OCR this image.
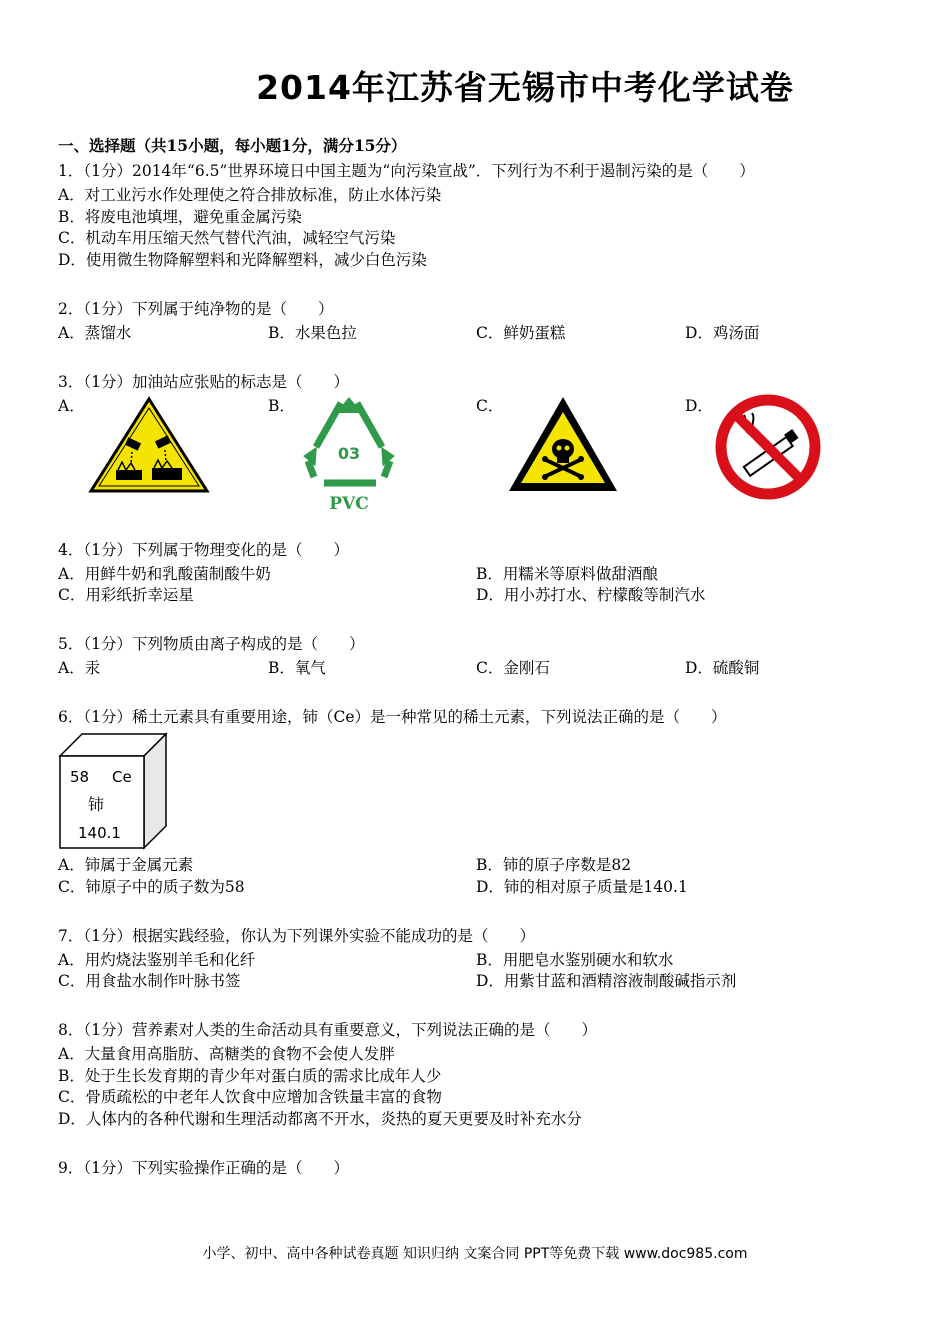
2014年江苏省无锡市中考化学试卷
一、选择题（共15小题，每小题1分，满分15分）
1．（1分）2014年“6.5”世界环境日中国主题为“向污染宣战”．下列行为不利于遏制污染的是（　　）
A．对工业污水作处理使之符合排放标准，防止水体污染
B．将废电池填埋，避免重金属污染
C．机动车用压缩天然气替代汽油，减轻空气污染
D．使用微生物降解塑料和光降解塑料，减少白色污染
2．（1分）下列属于纯净物的是（　　）
A．蒸馏水	B．水果色拉	C．鲜奶蛋糕	D．鸡汤面
3．（1分）加油站应张贴的标志是（　　）
A．	B．	C．	D．
03
PVC
4．（1分）下列属于物理变化的是（　　）
A．用鲜牛奶和乳酸菌制酸牛奶	B．用糯米等原料做甜酒酿
C．用彩纸折幸运星	D．用小苏打水、柠檬酸等制汽水
5．（1分）下列物质由离子构成的是（　　）
A．汞	B．氧气	C．金刚石	D．硫酸铜
6．（1分）稀土元素具有重要用途，铈（Ce）是一种常见的稀土元素，下列说法正确的是（　　）
58 Ce
铈
140.1
A．铈属于金属元素	B．铈的原子序数是82
C．铈原子中的质子数为58	D．铈的相对原子质量是140.1
7．（1分）根据实践经验，你认为下列课外实验不能成功的是（　　）
A．用灼烧法鉴别羊毛和化纤	B．用肥皂水鉴别硬水和软水
C．用食盐水制作叶脉书签	D．用紫甘蓝和酒精溶液制酸碱指示剂
8．（1分）营养素对人类的生命活动具有重要意义，下列说法正确的是（　　）
A．大量食用高脂肪、高糖类的食物不会使人发胖
B．处于生长发育期的青少年对蛋白质的需求比成年人少
C．骨质疏松的中老年人饮食中应增加含铁量丰富的食物
D．人体内的各种代谢和生理活动都离不开水，炎热的夏天更要及时补充水分
9．（1分）下列实验操作正确的是（　　）
小学、初中、高中各种试卷真题 知识归纳 文案合同 PPT等免费下载 www.doc985.com
